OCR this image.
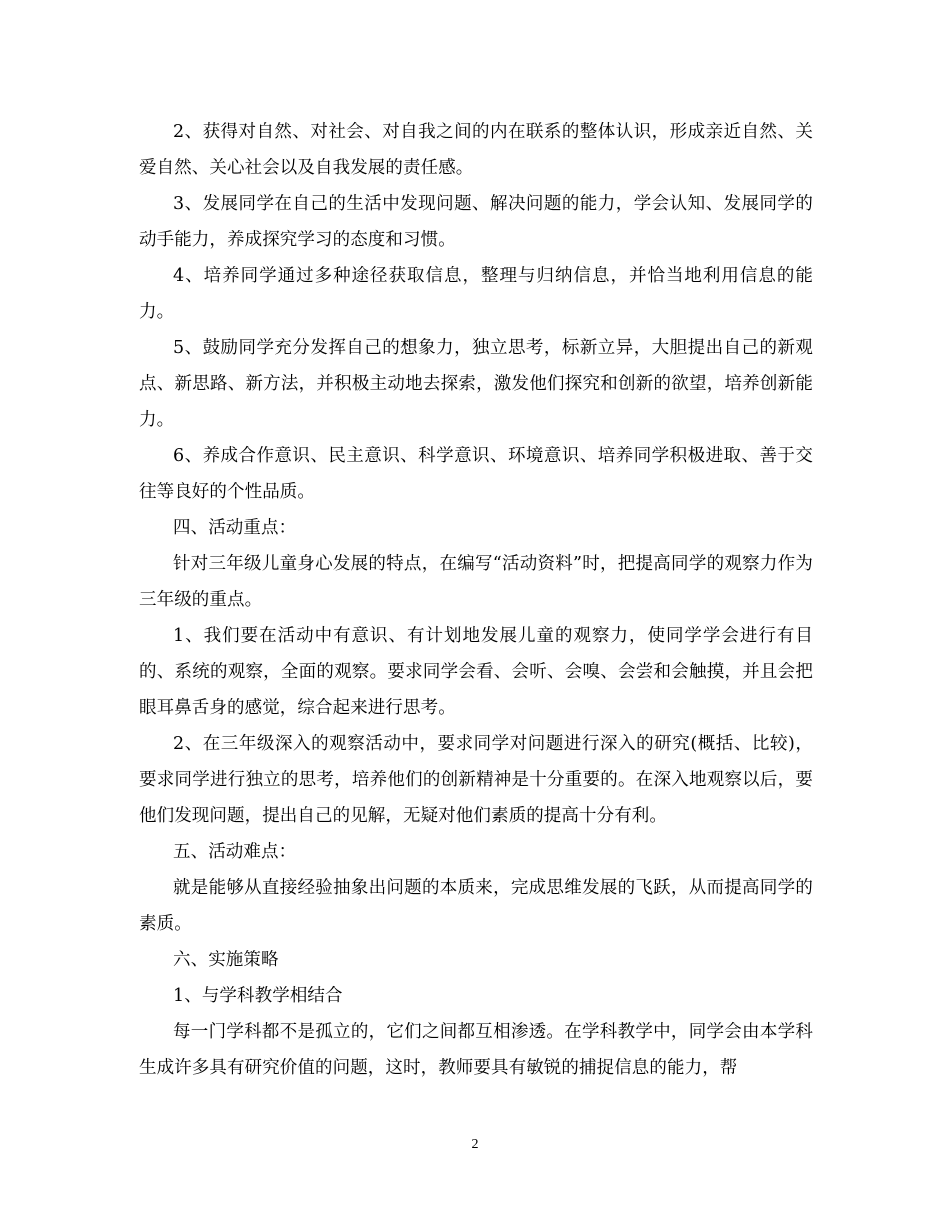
2、获得对自然、对社会、对自我之间的内在联系的整体认识，形成亲近自然、关爱自然、关心社会以及自我发展的责任感。

3、发展同学在自己的生活中发现问题、解决问题的能力，学会认知、发展同学的动手能力，养成探究学习的态度和习惯。

4、培养同学通过多种途径获取信息，整理与归纳信息，并恰当地利用信息的能力。

5、鼓励同学充分发挥自己的想象力，独立思考，标新立异，大胆提出自己的新观点、新思路、新方法，并积极主动地去探索，激发他们探究和创新的欲望，培养创新能力。

6、养成合作意识、民主意识、科学意识、环境意识、培养同学积极进取、善于交往等良好的个性品质。

四、活动重点：

针对三年级儿童身心发展的特点，在编写“活动资料”时，把提高同学的观察力作为三年级的重点。

1、我们要在活动中有意识、有计划地发展儿童的观察力，使同学学会进行有目的、系统的观察，全面的观察。要求同学会看、会听、会嗅、会尝和会触摸，并且会把眼耳鼻舌身的感觉，综合起来进行思考。

2、在三年级深入的观察活动中，要求同学对问题进行深入的研究(概括、比较)，要求同学进行独立的思考，培养他们的创新精神是十分重要的。在深入地观察以后，要他们发现问题，提出自己的见解，无疑对他们素质的提高十分有利。

五、活动难点：

就是能够从直接经验抽象出问题的本质来，完成思维发展的飞跃，从而提高同学的素质。

六、实施策略

1、与学科教学相结合

每一门学科都不是孤立的，它们之间都互相渗透。在学科教学中，同学会由本学科生成许多具有研究价值的问题，这时，教师要具有敏锐的捕捉信息的能力，帮

2
